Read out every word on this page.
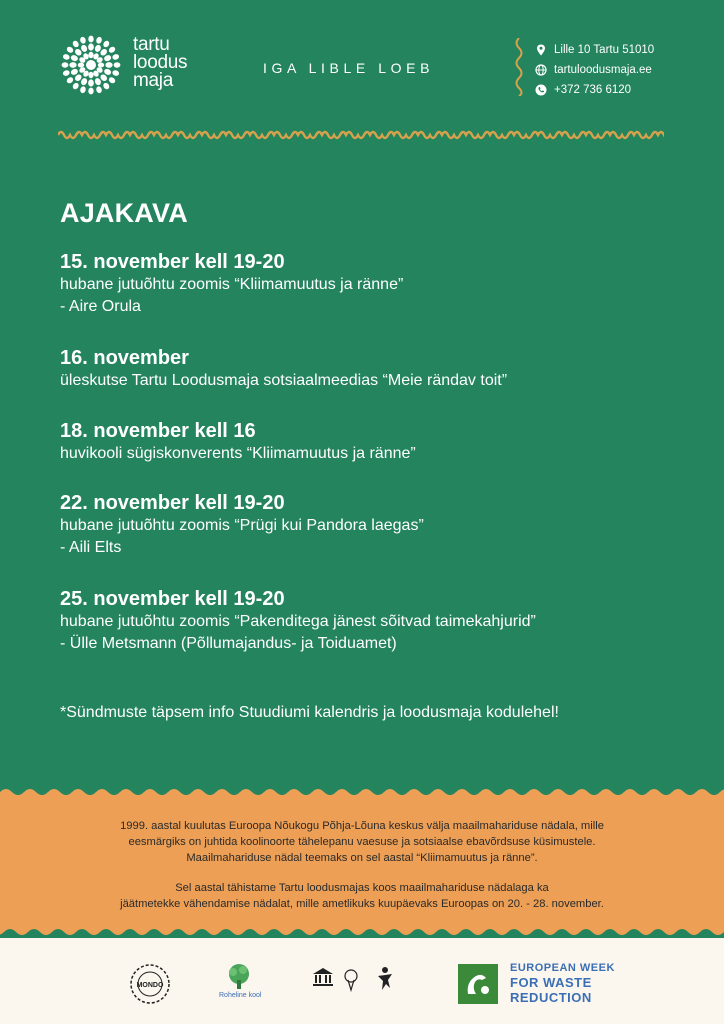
tartu
loodus
maja
IGA LIBLE LOEB
Lille 10 Tartu 51010
tartuloodusmaja.ee
+372 736 6120
AJAKAVA
15. november kell 19-20
hubane jutuõhtu zoomis “Kliimamuutus ja ränne”
- Aire Orula
16. november
üleskutse Tartu Loodusmaja sotsiaalmeedias “Meie rändav toit”
18. november kell 16
huvikooli sügiskonverents “Kliimamuutus ja ränne”
22. november kell 19-20
hubane jutuõhtu zoomis “Prügi kui Pandora laegas”
- Aili Elts
25. november kell 19-20
hubane jutuõhtu zoomis “Pakenditega jänest sõitvad taimekahjurid”
- Ülle Metsmann (Põllumajandus- ja Toiduamet)
*Sündmuste täpsem info Stuudiumi kalendris ja loodusmaja kodulehel!

1999. aastal kuulutas Euroopa Nõukogu Põhja-Lõuna keskus välja maailmahariduse nädala, mille

eesmärgiks on juhtida koolinoorte tähelepanu vaesuse ja sotsiaalse ebavõrdsuse küsimustele.

Maailmahariduse nädal teemaks on sel aastal “Kliimamuutus ja ränne”.

Sel aastal tähistame Tartu loodusmajas koos maailmahariduse nädalaga ka

jäätmetekke vähendamise nädalat, mille ametlikuks kuupäevaks Euroopas on 20. - 28. november.

MONDO
Roheline kool
EUROPEAN WEEK
FOR WASTE
REDUCTION
